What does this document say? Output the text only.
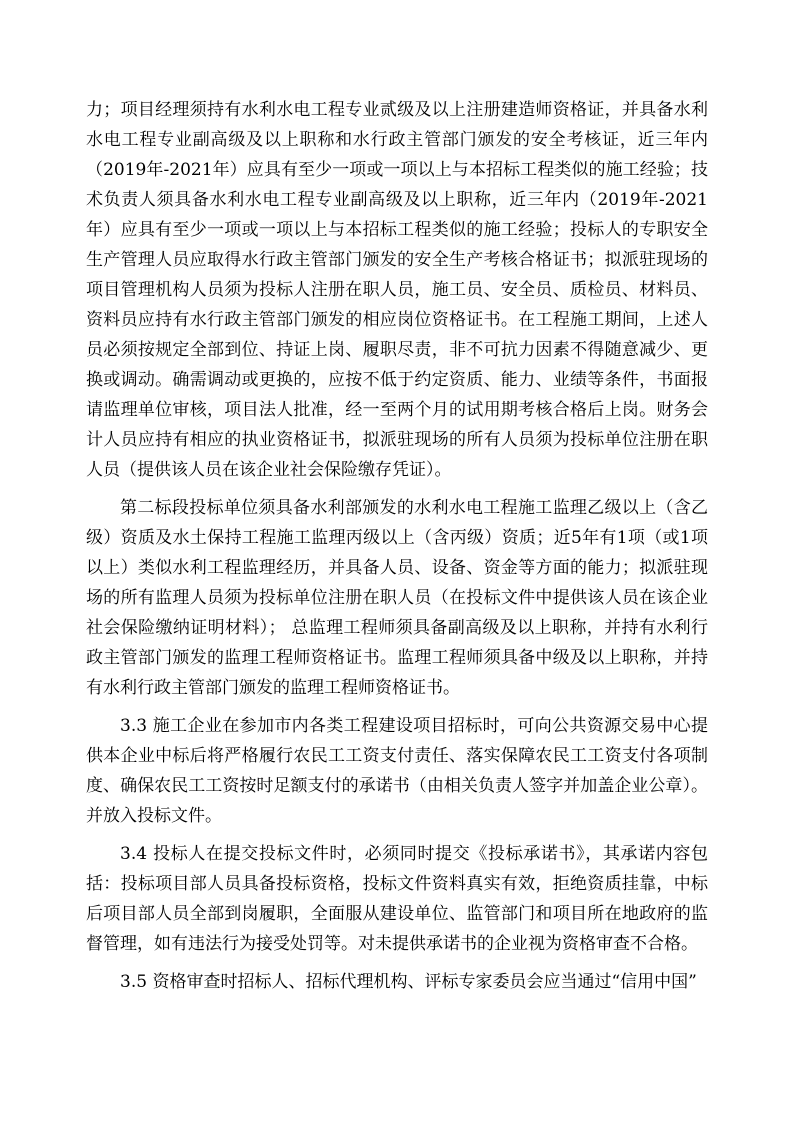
力；项目经理须持有水利水电工程专业贰级及以上注册建造师资格证，并具备水利水电工程专业副高级及以上职称和水行政主管部门颁发的安全考核证，近三年内（2019年-2021年）应具有至少一项或一项以上与本招标工程类似的施工经验；技术负责人须具备水利水电工程专业副高级及以上职称，近三年内（2019年-2021年）应具有至少一项或一项以上与本招标工程类似的施工经验；投标人的专职安全生产管理人员应取得水行政主管部门颁发的安全生产考核合格证书；拟派驻现场的项目管理机构人员须为投标人注册在职人员，施工员、安全员、质检员、材料员、资料员应持有水行政主管部门颁发的相应岗位资格证书。在工程施工期间，上述人员必须按规定全部到位、持证上岗、履职尽责，非不可抗力因素不得随意减少、更换或调动。确需调动或更换的，应按不低于约定资质、能力、业绩等条件，书面报请监理单位审核，项目法人批准，经一至两个月的试用期考核合格后上岗。财务会计人员应持有相应的执业资格证书，拟派驻现场的所有人员须为投标单位注册在职人员（提供该人员在该企业社会保险缴存凭证）。

第二标段投标单位须具备水利部颁发的水利水电工程施工监理乙级以上（含乙级）资质及水土保持工程施工监理丙级以上（含丙级）资质；近5年有1项（或1项以上）类似水利工程监理经历，并具备人员、设备、资金等方面的能力；拟派驻现场的所有监理人员须为投标单位注册在职人员（在投标文件中提供该人员在该企业社会保险缴纳证明材料）； 总监理工程师须具备副高级及以上职称，并持有水利行政主管部门颁发的监理工程师资格证书。监理工程师须具备中级及以上职称，并持有水利行政主管部门颁发的监理工程师资格证书。

3.3 施工企业在参加市内各类工程建设项目招标时，可向公共资源交易中心提供本企业中标后将严格履行农民工工资支付责任、落实保障农民工工资支付各项制度、确保农民工工资按时足额支付的承诺书（由相关负责人签字并加盖企业公章）。并放入投标文件。

3.4 投标人在提交投标文件时，必须同时提交《投标承诺书》，其承诺内容包括：投标项目部人员具备投标资格，投标文件资料真实有效，拒绝资质挂靠，中标后项目部人员全部到岗履职，全面服从建设单位、监管部门和项目所在地政府的监督管理，如有违法行为接受处罚等。对未提供承诺书的企业视为资格审查不合格。

3.5 资格审查时招标人、招标代理机构、评标专家委员会应当通过“信用中国”
